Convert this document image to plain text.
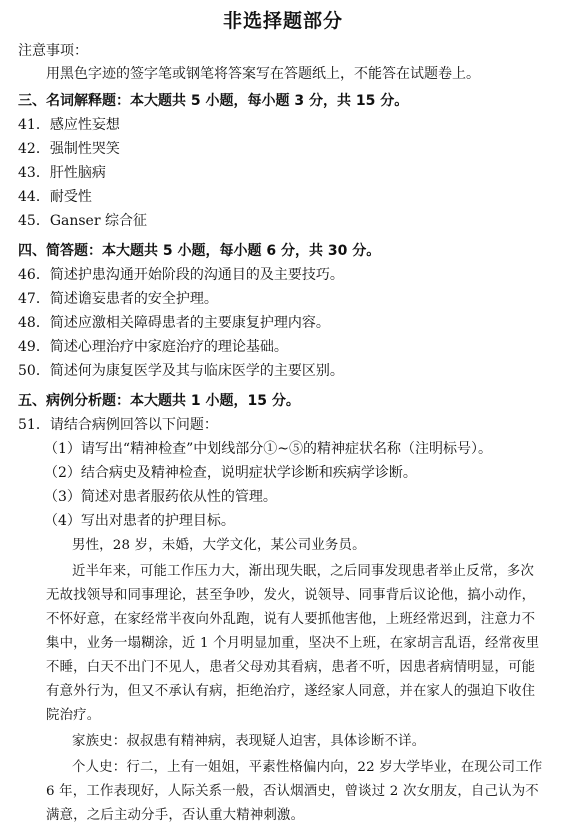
非选择题部分
注意事项：
用黑色字迹的签字笔或钢笔将答案写在答题纸上，不能答在试题卷上。
三、名词解释题：本大题共 5 小题，每小题 3 分，共 15 分。
41．感应性妄想
42．强制性哭笑
43．肝性脑病
44．耐受性
45．Ganser 综合征
四、简答题：本大题共 5 小题，每小题 6 分，共 30 分。
46．简述护患沟通开始阶段的沟通目的及主要技巧。
47．简述谵妄患者的安全护理。
48．简述应激相关障碍患者的主要康复护理内容。
49．简述心理治疗中家庭治疗的理论基础。
50．简述何为康复医学及其与临床医学的主要区别。
五、病例分析题：本大题共 1 小题，15 分。
51．请结合病例回答以下问题：
（1）请写出“精神检查”中划线部分①~⑤的精神症状名称（注明标号）。
（2）结合病史及精神检查，说明症状学诊断和疾病学诊断。
（3）简述对患者服药依从性的管理。
（4）写出对患者的护理目标。
男性，28 岁，未婚，大学文化，某公司业务员。
近半年来，可能工作压力大，渐出现失眠，之后同事发现患者举止反常，多次
无故找领导和同事理论，甚至争吵，发火，说领导、同事背后议论他，搞小动作，
不怀好意，在家经常半夜向外乱跑，说有人要抓他害他，上班经常迟到，注意力不
集中，业务一塌糊涂，近 1 个月明显加重，坚决不上班，在家胡言乱语，经常夜里
不睡，白天不出门不见人，患者父母劝其看病，患者不听，因患者病情明显，可能
有意外行为，但又不承认有病，拒绝治疗，遂经家人同意，并在家人的强迫下收住
院治疗。
家族史：叔叔患有精神病，表现疑人迫害，具体诊断不详。
个人史：行二，上有一姐姐，平素性格偏内向，22 岁大学毕业，在现公司工作
6 年，工作表现好，人际关系一般，否认烟酒史，曾谈过 2 次女朋友，自己认为不
满意，之后主动分手，否认重大精神刺激。
